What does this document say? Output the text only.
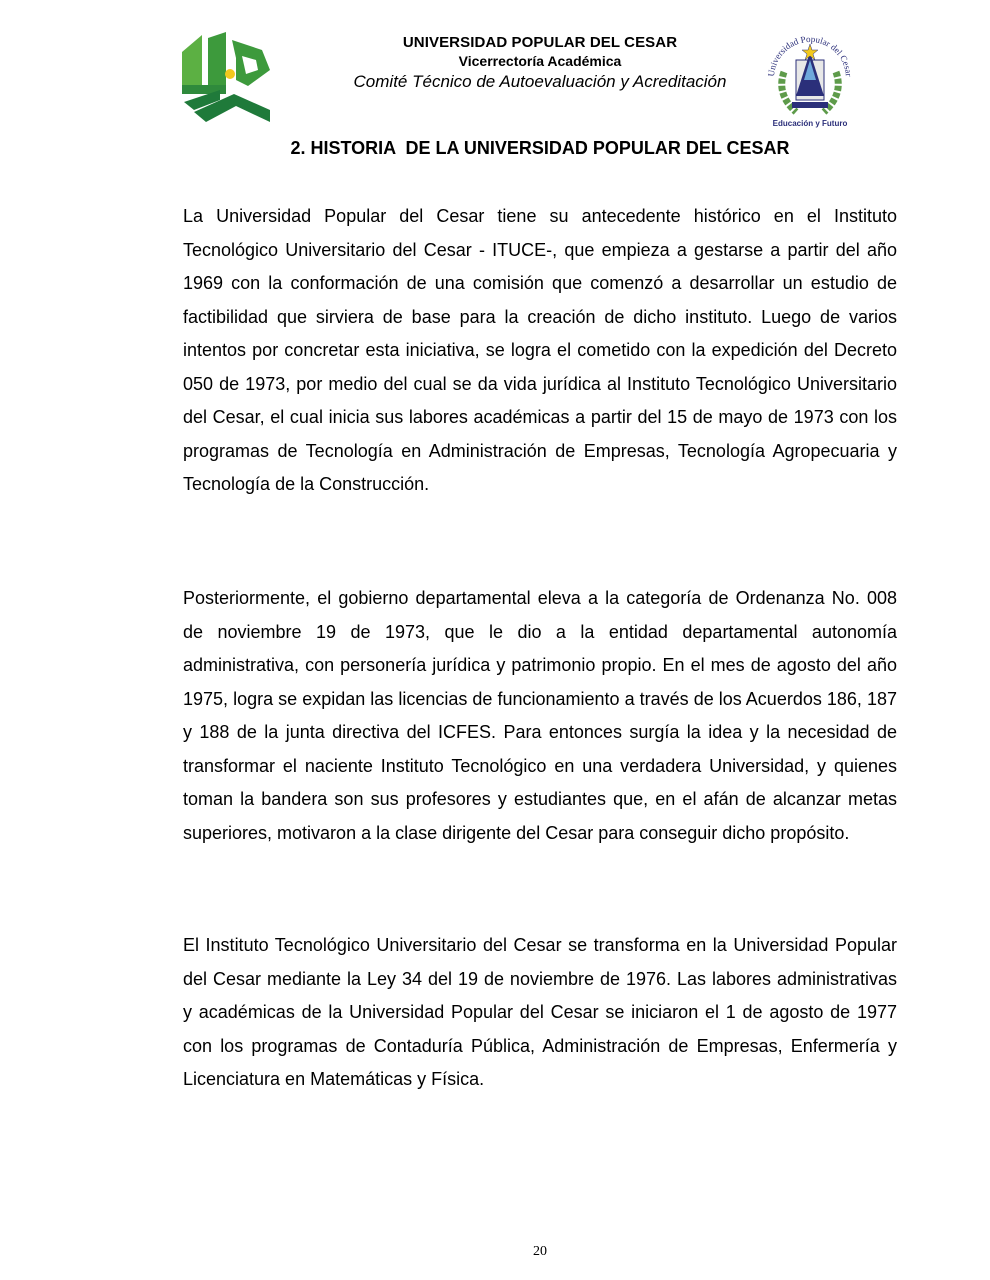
UNIVERSIDAD POPULAR DEL CESAR
Vicerrectoría Académica
Comité Técnico de Autoevaluación y Acreditación	Universidad Popular del Cesar
Educación y Futuro
2. HISTORIA  DE LA UNIVERSIDAD POPULAR DEL CESAR

La Universidad Popular del Cesar tiene su antecedente histórico en el Instituto Tecnológico Universitario del Cesar - ITUCE-, que empieza a gestarse a partir del año 1969 con la conformación de una comisión que comenzó a desarrollar un estudio de factibilidad que sirviera de base para la creación de dicho instituto. Luego de varios intentos por concretar esta iniciativa, se logra el cometido con la expedición del Decreto 050 de 1973, por medio del cual se da vida jurídica al Instituto Tecnológico Universitario del Cesar, el cual inicia sus labores académicas a partir del 15 de mayo de 1973 con los programas de Tecnología en Administración de Empresas, Tecnología Agropecuaria y Tecnología de la Construcción.

Posteriormente, el gobierno departamental eleva a la categoría de Ordenanza No. 008 de noviembre 19 de 1973, que le dio a la entidad departamental autonomía administrativa, con personería jurídica y patrimonio propio. En el mes de agosto del año 1975, logra se expidan las licencias de funcionamiento a través de los Acuerdos 186, 187 y 188 de la junta directiva del ICFES. Para entonces surgía la idea y la necesidad de transformar el naciente Instituto Tecnológico en una verdadera Universidad, y quienes toman la bandera son sus profesores y estudiantes que, en el afán de alcanzar metas superiores, motivaron a la clase dirigente del Cesar para conseguir dicho propósito.

El Instituto Tecnológico Universitario del Cesar se transforma en la Universidad Popular del Cesar mediante la Ley 34 del 19 de noviembre de 1976. Las labores administrativas y académicas de la Universidad Popular del Cesar se iniciaron el 1 de agosto de 1977 con los programas de Contaduría Pública, Administración de Empresas, Enfermería y Licenciatura en Matemáticas y Física.

20
